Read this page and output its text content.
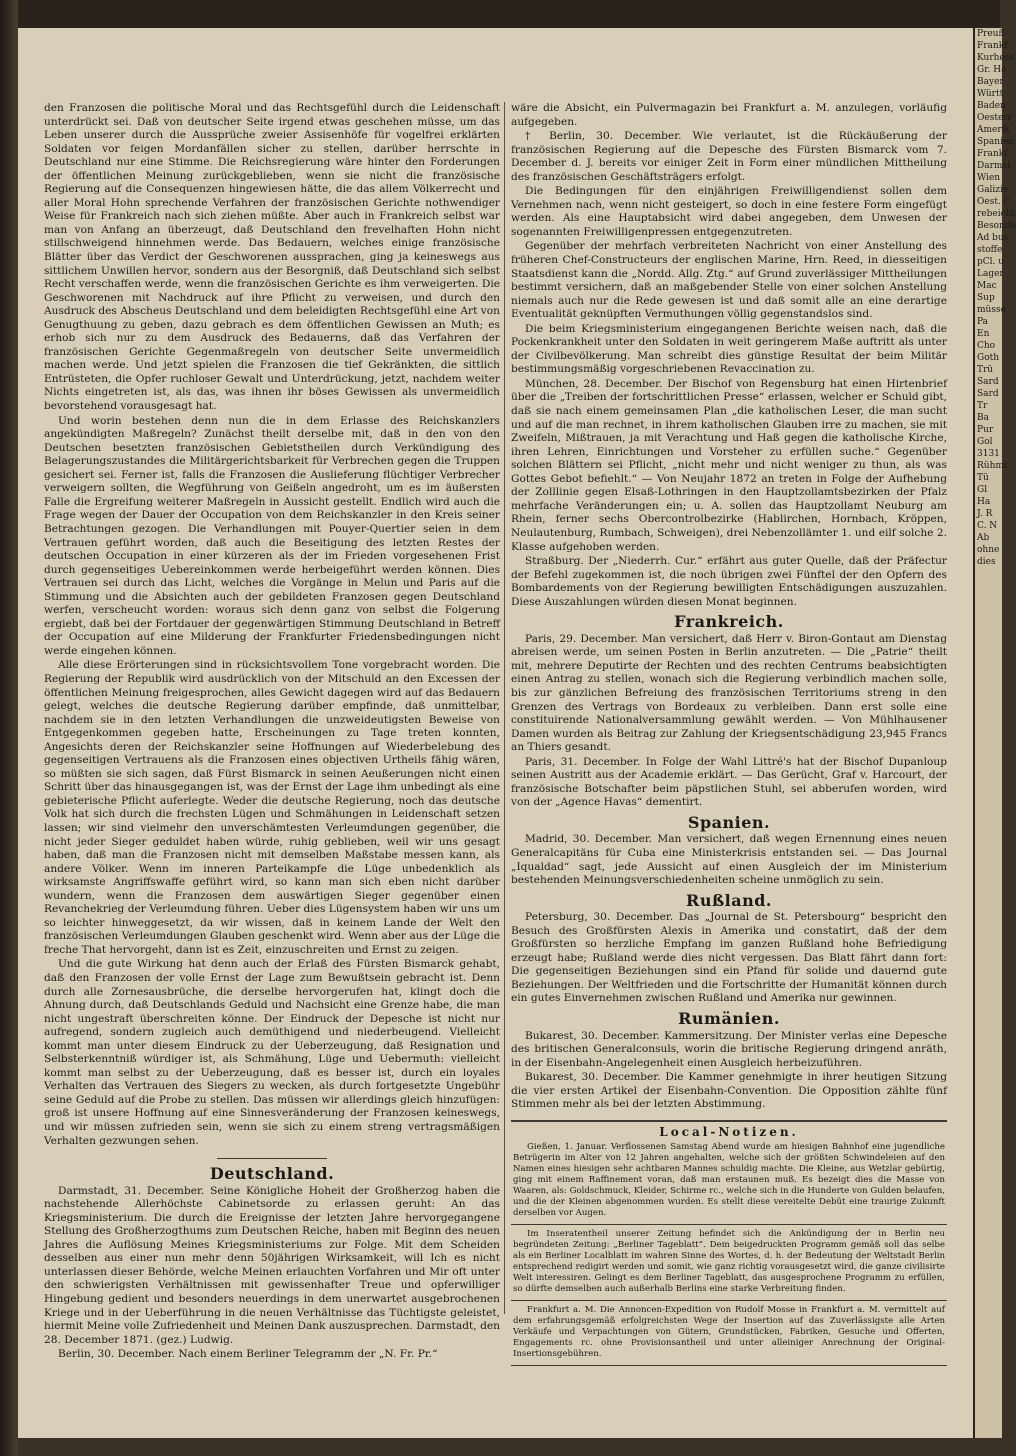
den Franzosen die politische Moral und das Rechtsgefühl durch die Leidenschaft unterdrückt sei. Daß von deutscher Seite irgend etwas geschehen müsse, um das Leben unserer durch die Aussprüche zweier Assisenhöfe für vogelfrei erklärten Soldaten vor feigen Mordanfällen sicher zu stellen, darüber herrschte in Deutschland nur eine Stimme. Die Reichsregierung wäre hinter den Forderungen der öffentlichen Meinung zurückgeblieben, wenn sie nicht die französische Regierung auf die Consequenzen hingewiesen hätte, die das allem Völkerrecht und aller Moral Hohn sprechende Verfahren der französischen Gerichte nothwendiger Weise für Frankreich nach sich ziehen müßte. Aber auch in Frankreich selbst war man von Anfang an überzeugt, daß Deutschland den frevelhaften Hohn nicht stillschweigend hinnehmen werde. Das Bedauern, welches einige französische Blätter über das Verdict der Geschworenen aussprachen, ging ja keineswegs aus sittlichem Unwillen hervor, sondern aus der Besorgniß, daß Deutschland sich selbst Recht verschaffen werde, wenn die französischen Gerichte es ihm verweigerten. Die Geschworenen mit Nachdruck auf ihre Pflicht zu verweisen, und durch den Ausdruck des Abscheus Deutschland und dem beleidigten Rechtsgefühl eine Art von Genugthuung zu geben, dazu gebrach es dem öffentlichen Gewissen an Muth; es erhob sich nur zu dem Ausdruck des Bedauerns, daß das Verfahren der französischen Gerichte Gegenmaßregeln von deutscher Seite unvermeidlich machen werde. Und jetzt spielen die Franzosen die tief Gekränkten, die sittlich Entrüsteten, die Opfer ruchloser Gewalt und Unterdrückung, jetzt, nachdem weiter Nichts eingetreten ist, als das, was ihnen ihr böses Gewissen als unvermeidlich bevorstehend vorausgesagt hat.

Und worin bestehen denn nun die in dem Erlasse des Reichskanzlers angekündigten Maßregeln? Zunächst theilt derselbe mit, daß in den von den Deutschen besetzten französischen Gebietstheilen durch Verkündigung des Belagerungszustandes die Militärgerichtsbarkeit für Verbrechen gegen die Truppen gesichert sei. Ferner ist, falls die Franzosen die Auslieferung flüchtiger Verbrecher verweigern sollten, die Wegführung von Geißeln angedroht, um es im äußersten Falle die Ergreifung weiterer Maßregeln in Aussicht gestellt. Endlich wird auch die Frage wegen der Dauer der Occupation von dem Reichskanzler in den Kreis seiner Betrachtungen gezogen. Die Verhandlungen mit Pouyer-Quertier seien in dem Vertrauen geführt worden, daß auch die Beseitigung des letzten Restes der deutschen Occupation in einer kürzeren als der im Frieden vorgesehenen Frist durch gegenseitiges Uebereinkommen werde herbeigeführt werden können. Dies Vertrauen sei durch das Licht, welches die Vorgänge in Melun und Paris auf die Stimmung und die Absichten auch der gebildeten Franzosen gegen Deutschland werfen, verscheucht worden: woraus sich denn ganz von selbst die Folgerung ergiebt, daß bei der Fortdauer der gegenwärtigen Stimmung Deutschland in Betreff der Occupation auf eine Milderung der Frankfurter Friedensbedingungen nicht werde eingehen können.

Alle diese Erörterungen sind in rücksichtsvollem Tone vorgebracht worden. Die Regierung der Republik wird ausdrücklich von der Mitschuld an den Excessen der öffentlichen Meinung freigesprochen, alles Gewicht dagegen wird auf das Bedauern gelegt, welches die deutsche Regierung darüber empfinde, daß unmittelbar, nachdem sie in den letzten Verhandlungen die unzweideutigsten Beweise von Entgegenkommen gegeben hatte, Erscheinungen zu Tage treten konnten, Angesichts deren der Reichskanzler seine Hoffnungen auf Wiederbelebung des gegenseitigen Vertrauens als die Franzosen eines objectiven Urtheils fähig wären, so müßten sie sich sagen, daß Fürst Bismarck in seinen Aeußerungen nicht einen Schritt über das hinausgegangen ist, was der Ernst der Lage ihm unbedingt als eine gebieterische Pflicht auferlegte. Weder die deutsche Regierung, noch das deutsche Volk hat sich durch die frechsten Lügen und Schmähungen in Leidenschaft setzen lassen; wir sind vielmehr den unverschämtesten Verleumdungen gegenüber, die nicht jeder Sieger geduldet haben würde, ruhig geblieben, weil wir uns gesagt haben, daß man die Franzosen nicht mit demselben Maßstabe messen kann, als andere Völker. Wenn im inneren Parteikampfe die Lüge unbedenklich als wirksamste Angriffswaffe geführt wird, so kann man sich eben nicht darüber wundern, wenn die Franzosen dem auswärtigen Sieger gegenüber einen Revanchekrieg der Verleumdung führen. Ueber dies Lügensystem haben wir uns um so leichter hinweggesetzt, da wir wissen, daß in keinem Lande der Welt den französischen Verleumdungen Glauben geschenkt wird. Wenn aber aus der Lüge die freche That hervorgeht, dann ist es Zeit, einzuschreiten und Ernst zu zeigen.

Und die gute Wirkung hat denn auch der Erlaß des Fürsten Bismarck gehabt, daß den Franzosen der volle Ernst der Lage zum Bewußtsein gebracht ist. Denn durch alle Zornesausbrüche, die derselbe hervorgerufen hat, klingt doch die Ahnung durch, daß Deutschlands Geduld und Nachsicht eine Grenze habe, die man nicht ungestraft überschreiten könne. Der Eindruck der Depesche ist nicht nur aufregend, sondern zugleich auch demüthigend und niederbeugend. Vielleicht kommt man unter diesem Eindruck zu der Ueberzeugung, daß Resignation und Selbsterkenntniß würdiger ist, als Schmähung, Lüge und Uebermuth: vielleicht kommt man selbst zu der Ueberzeugung, daß es besser ist, durch ein loyales Verhalten das Vertrauen des Siegers zu wecken, als durch fortgesetzte Ungebühr seine Geduld auf die Probe zu stellen. Das müssen wir allerdings gleich hinzufügen: groß ist unsere Hoffnung auf eine Sinnesveränderung der Franzosen keineswegs, und wir müssen zufrieden sein, wenn sie sich zu einem streng vertragsmäßigen Verhalten gezwungen sehen.

Deutschland.

Darmstadt, 31. December. Seine Königliche Hoheit der Großherzog haben die nachstehende Allerhöchste Cabinetsorde zu erlassen geruht: An das Kriegsministerium. Die durch die Ereignisse der letzten Jahre hervorgegangene Stellung des Großherzogthums zum Deutschen Reiche, haben mit Beginn des neuen Jahres die Auflösung Meines Kriegsministeriums zur Folge. Mit dem Scheiden desselben aus einer nun mehr denn 50jährigen Wirksamkeit, will Ich es nicht unterlassen dieser Behörde, welche Meinen erlauchten Vorfahren und Mir oft unter den schwierigsten Verhältnissen mit gewissenhafter Treue und opferwilliger Hingebung gedient und besonders neuerdings in dem unerwartet ausgebrochenen Kriege und in der Ueberführung in die neuen Verhältnisse das Tüchtigste geleistet, hiermit Meine volle Zufriedenheit und Meinen Dank auszusprechen. Darmstadt, den 28. December 1871. (gez.) Ludwig.

Berlin, 30. December. Nach einem Berliner Telegramm der „N. Fr. Pr.“

wäre die Absicht, ein Pulvermagazin bei Frankfurt a. M. anzulegen, vorläufig aufgegeben.

† Berlin, 30. December. Wie verlautet, ist die Rückäußerung der französischen Regierung auf die Depesche des Fürsten Bismarck vom 7. December d. J. bereits vor einiger Zeit in Form einer mündlichen Mittheilung des französischen Geschäftsträgers erfolgt.

Die Bedingungen für den einjährigen Freiwilligendienst sollen dem Vernehmen nach, wenn nicht gesteigert, so doch in eine festere Form eingefügt werden. Als eine Hauptabsicht wird dabei angegeben, dem Unwesen der sogenannten Freiwilligenpressen entgegenzutreten.

Gegenüber der mehrfach verbreiteten Nachricht von einer Anstellung des früheren Chef-Constructeurs der englischen Marine, Hrn. Reed, in diesseitigen Staatsdienst kann die „Nordd. Allg. Ztg.“ auf Grund zuverlässiger Mittheilungen bestimmt versichern, daß an maßgebender Stelle von einer solchen Anstellung niemals auch nur die Rede gewesen ist und daß somit alle an eine derartige Eventualität geknüpften Vermuthungen völlig gegenstandslos sind.

Die beim Kriegsministerium eingegangenen Berichte weisen nach, daß die Pockenkrankheit unter den Soldaten in weit geringerem Maße auftritt als unter der Civilbevölkerung. Man schreibt dies günstige Resultat der beim Militär bestimmungsmäßig vorgeschriebenen Revaccination zu.

München, 28. December. Der Bischof von Regensburg hat einen Hirtenbrief über die „Treiben der fortschrittlichen Presse“ erlassen, welcher er Schuld gibt, daß sie nach einem gemeinsamen Plan „die katholischen Leser, die man sucht und auf die man rechnet, in ihrem katholischen Glauben irre zu machen, sie mit Zweifeln, Mißtrauen, ja mit Verachtung und Haß gegen die katholische Kirche, ihren Lehren, Einrichtungen und Vorsteher zu erfüllen suche.“ Gegenüber solchen Blättern sei Pflicht, „nicht mehr und nicht weniger zu thun, als was Gottes Gebot befiehlt.“ — Von Neujahr 1872 an treten in Folge der Aufhebung der Zolllinie gegen Elsaß-Lothringen in den Hauptzollamtsbezirken der Pfalz mehrfache Veränderungen ein; u. A. sollen das Hauptzollamt Neuburg am Rhein, ferner sechs Obercontrolbezirke (Hablirchen, Hornbach, Kröppen, Neulautenburg, Rumbach, Schweigen), drei Nebenzollämter 1. und eilf solche 2. Klasse aufgehoben werden.

Straßburg. Der „Niederrh. Cur.“ erfährt aus guter Quelle, daß der Präfectur der Befehl zugekommen ist, die noch übrigen zwei Fünftel der den Opfern des Bombardements von der Regierung bewilligten Entschädigungen auszuzahlen. Diese Auszahlungen würden diesen Monat beginnen.

Frankreich.

Paris, 29. December. Man versichert, daß Herr v. Biron-Gontaut am Dienstag abreisen werde, um seinen Posten in Berlin anzutreten. — Die „Patrie“ theilt mit, mehrere Deputirte der Rechten und des rechten Centrums beabsichtigten einen Antrag zu stellen, wonach sich die Regierung verbindlich machen solle, bis zur gänzlichen Befreiung des französischen Territoriums streng in den Grenzen des Vertrags von Bordeaux zu verbleiben. Dann erst solle eine constituirende Nationalversammlung gewählt werden. — Von Mühlhausener Damen wurden als Beitrag zur Zahlung der Kriegsentschädigung 23,945 Francs an Thiers gesandt.

Paris, 31. December. In Folge der Wahl Littré's hat der Bischof Dupanloup seinen Austritt aus der Academie erklärt. — Das Gerücht, Graf v. Harcourt, der französische Botschafter beim päpstlichen Stuhl, sei abberufen worden, wird von der „Agence Havas“ dementirt.

Spanien.

Madrid, 30. December. Man versichert, daß wegen Ernennung eines neuen Generalcapitäns für Cuba eine Ministerkrisis entstanden sei. — Das Journal „Iqualdad“ sagt, jede Aussicht auf einen Ausgleich der im Ministerium bestehenden Meinungsverschiedenheiten scheine unmöglich zu sein.

Rußland.

Petersburg, 30. December. Das „Journal de St. Petersbourg“ bespricht den Besuch des Großfürsten Alexis in Amerika und constatirt, daß der dem Großfürsten so herzliche Empfang im ganzen Rußland hohe Befriedigung erzeugt habe; Rußland werde dies nicht vergessen. Das Blatt fährt dann fort: Die gegenseitigen Beziehungen sind ein Pfand für solide und dauernd gute Beziehungen. Der Weltfrieden und die Fortschritte der Humanität können durch ein gutes Einvernehmen zwischen Rußland und Amerika nur gewinnen.

Rumänien.

Bukarest, 30. December. Kammersitzung. Der Minister verlas eine Depesche des britischen Generalconsuls, worin die britische Regierung dringend anräth, in der Eisenbahn-Angelegenheit einen Ausgleich herbeizuführen.

Bukarest, 30. December. Die Kammer genehmigte in ihrer heutigen Sitzung die vier ersten Artikel der Eisenbahn-Convention. Die Opposition zählte fünf Stimmen mehr als bei der letzten Abstimmung.

Local-Notizen.

Gießen, 1. Januar. Verflossenen Samstag Abend wurde am hiesigen Bahnhof eine jugendliche Betrügerin im Alter von 12 Jahren angehalten, welche sich der größten Schwindeleien auf den Namen eines hiesigen sehr achtbaren Mannes schuldig machte. Die Kleine, aus Wetzlar gebürtig, ging mit einem Raffinement voran, daß man erstaunen muß. Es bezeigt dies die Masse von Waaren, als: Goldschmuck, Kleider, Schirme rc., welche sich in die Hunderte von Gulden belaufen, und die der Kleinen abgenommen wurden. Es stellt diese vereitelte Debüt eine traurige Zukunft derselben vor Augen.

Im Inseratentheil unserer Zeitung befindet sich die Ankündigung der in Berlin neu begründeten Zeitung: „Berliner Tageblatt“. Dem beigedruckten Programm gemäß soll das selbe als ein Berliner Localblatt im wahren Sinne des Wortes, d. h. der Bedeutung der Weltstadt Berlin entsprechend redigirt werden und somit, wie ganz richtig vorausgesetzt wird, die ganze civilisirte Welt interessiren. Gelingt es dem Berliner Tageblatt, das ausgesprochene Programm zu erfüllen, so dürfte demselben auch außerhalb Berlins eine starke Verbreitung finden.

Frankfurt a. M. Die Annoncen-Expedition von Rudolf Mosse in Frankfurt a. M. vermittelt auf dem erfahrungsgemäß erfolgreichsten Wege der Insertion auf das Zuverlässigste alle Arten Verkäufe und Verpachtungen von Gütern, Grundstücken, Fabriken, Gesuche und Offerten, Engagements rc. ohne Provisionsantheil und unter alleiniger Anrechnung der Original-Insertionsgebühren.

Preuß
Frankf
Kurhess
Gr. He
Bayer
Württ
Baden
Oesterr
Amerik
Spanien
Frankf
Darmst
Wien
Galizie
Oest. C
rebeicht
Besonde
Ad bus
stoffe
pCl. u
Lager
Mac
Sup
müsse
Pa
En
Cho
Goth
Trü
Sard
Sard
Tr
Ba
Pur
Gol
3131
Rühmt
Tü
Gl
Ha
J. R
C. N
Ab
ohne
dies
